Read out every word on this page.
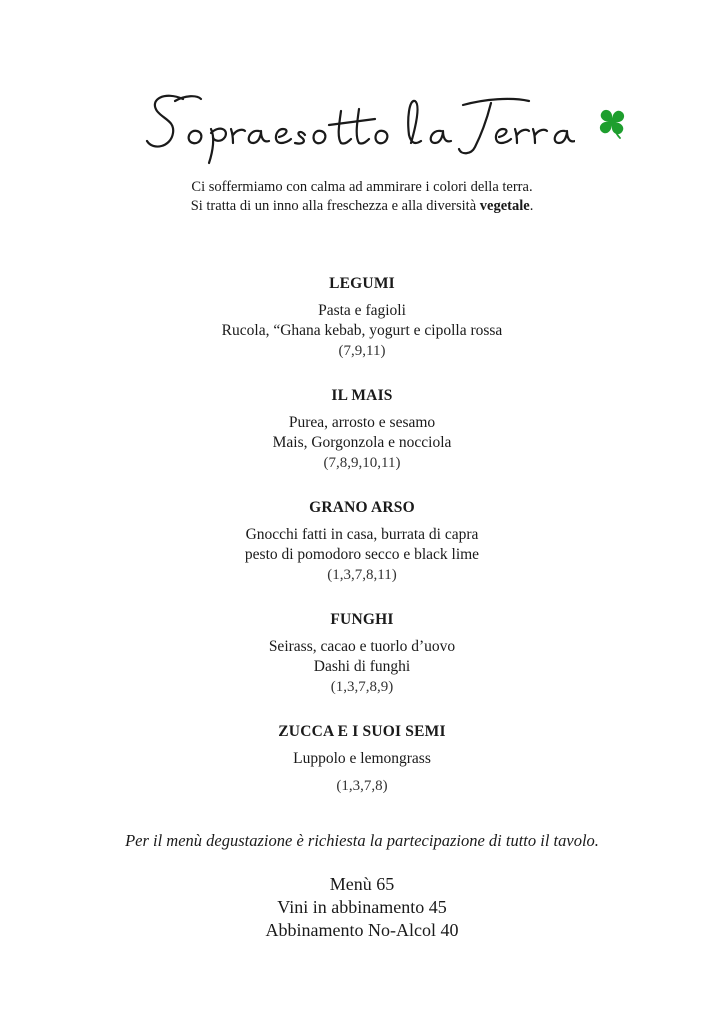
Ci soffermiamo con calma ad ammirare i colori della terra.
Si tratta di un inno alla freschezza e alla diversità vegetale.
LEGUMI
Pasta e fagioli
Rucola, “Ghana kebab, yogurt e cipolla rossa
(7,9,11)
IL MAIS
Purea, arrosto e sesamo
Mais, Gorgonzola e nocciola
(7,8,9,10,11)
GRANO ARSO
Gnocchi fatti in casa, burrata di capra
pesto di pomodoro secco e black lime
(1,3,7,8,11)
FUNGHI
Seirass, cacao e tuorlo d’uovo
Dashi di funghi
(1,3,7,8,9)
ZUCCA E I SUOI SEMI
Luppolo e lemongrass
(1,3,7,8)
Per il menù degustazione è richiesta la partecipazione di tutto il tavolo.
Menù 65
Vini in abbinamento 45
Abbinamento No-Alcol 40
